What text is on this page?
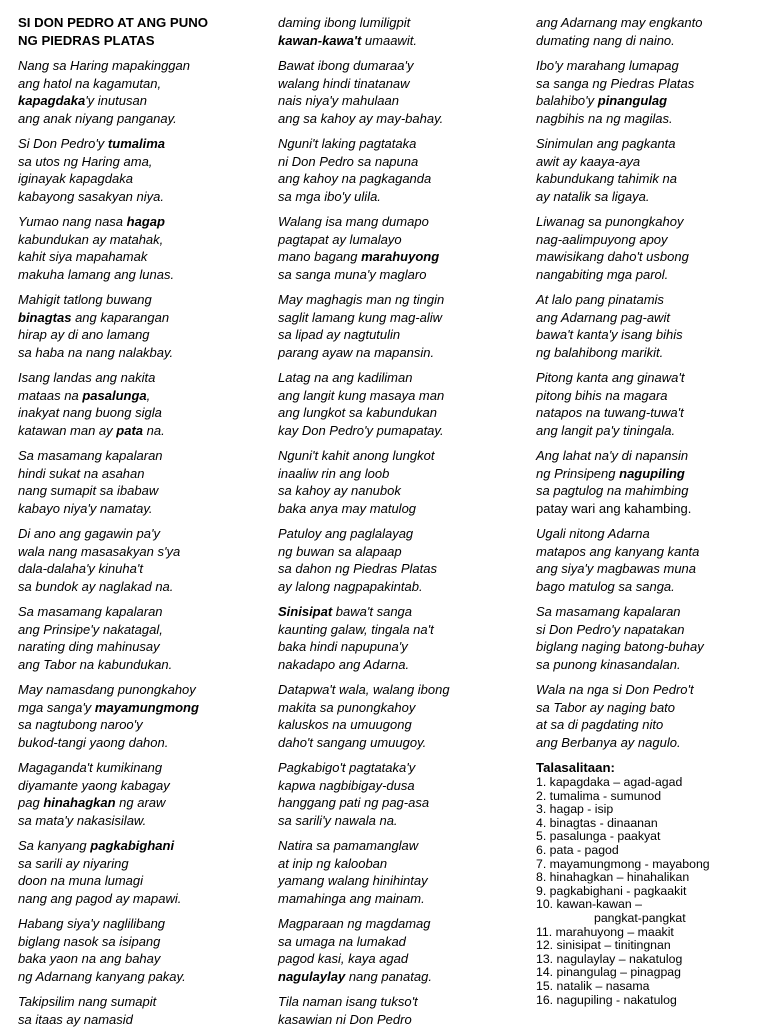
SI DON PEDRO AT ANG PUNO
NG PIEDRAS PLATAS
Nang sa Haring mapakinggan
ang hatol na kagamutan,
kapagdaka'y inutusan
ang anak niyang panganay.
Si Don Pedro'y tumalima
sa utos ng Haring ama,
iginayak kapagdaka
kabayong sasakyan niya.
Yumao nang nasa hagap
kabundukan ay matahak,
kahit siya mapahamak
makuha lamang ang lunas.
Mahigit tatlong buwang
binagtas ang kaparangan
hirap ay di ano lamang
sa haba na nang nalakbay.
Isang landas ang nakita
mataas na pasalunga,
inakyat nang buong sigla
katawan man ay pata na.
Sa masamang kapalaran
hindi sukat na asahan
nang sumapit sa ibabaw
kabayo niya'y namatay.
Di ano ang gagawin pa'y
wala nang masasakyan s'ya
dala-dalaha'y kinuha't
sa bundok ay naglakad na.
Sa masamang kapalaran
ang Prinsipe'y nakatagal,
narating ding mahinusay
ang Tabor na kabundukan.
May namasdang punongkahoy
mga sanga'y mayamungmong
sa nagtubong naroo'y
bukod-tangi yaong dahon.
Magaganda't kumikinang
diyamante yaong kabagay
pag hinahagkan ng araw
sa mata'y nakasisilaw.
Sa kanyang pagkabighani
sa sarili ay niyaring
doon na muna lumagi
nang ang pagod ay mapawi.
Habang siya'y naglilibang
biglang nasok sa isipang
baka yaon na ang bahay
ng Adarnang kanyang pakay.
Takipsilim nang sumapit
sa itaas ay namasid
daming ibong lumiligpit
kawan-kawa't umaawit.
Bawat ibong dumaraa'y
walang hindi tinatanaw
nais niya'y mahulaan
ang sa kahoy ay may-bahay.
Nguni't laking pagtataka
ni Don Pedro sa napuna
ang kahoy na pagkaganda
sa mga ibo'y ulila.
Walang isa mang dumapo
pagtapat ay lumalayo
mano bagang marahuyong
sa sanga muna'y maglaro
May maghagis man ng tingin
saglit lamang kung mag-aliw
sa lipad ay nagtutulin
parang ayaw na mapansin.
Latag na ang kadiliman
ang langit kung masaya man
ang lungkot sa kabundukan
kay Don Pedro'y pumapatay.
Nguni't kahit anong lungkot
inaaliw rin ang loob
sa kahoy ay nanubok
baka anya may matulog
Patuloy ang paglalayag
ng buwan sa alapaap
sa dahon ng Piedras Platas
ay lalong nagpapakintab.
Sinisipat bawa't sanga
kaunting galaw, tingala na't
baka hindi napupuna'y
nakadapo ang Adarna.
Datapwa't wala, walang ibong
makita sa punongkahoy
kaluskos na umuugong
daho't sangang umuugoy.
Pagkabigo't pagtataka'y
kapwa nagbibigay-dusa
hanggang pati ng pag-asa
sa sarili'y nawala na.
Natira sa pamamanglaw
at inip ng kalooban
yamang walang hinihintay
mamahinga ang mainam.
Magparaan ng magdamag
sa umaga na lumakad
pagod kasi, kaya agad
nagulaylay nang panatag.
Tila naman isang tukso't
kasawian ni Don Pedro
ang Adarnang may engkanto
dumating nang di naino.
Ibo'y marahang lumapag
sa sanga ng Piedras Platas
balahibo'y pinangulag
nagbihis na ng magilas.
Sinimulan ang pagkanta
awit ay kaaya-aya
kabundukang tahimik na
ay natalik sa ligaya.
Liwanag sa punongkahoy
nag-aalimpuyong apoy
mawisikang daho't usbong
nangabiting mga parol.
At lalo pang pinatamis
ang Adarnang pag-awit
bawa't kanta'y isang bihis
ng balahibong marikit.
Pitong kanta ang ginawa't
pitong bihis na magara
natapos na tuwang-tuwa't
ang langit pa'y tiningala.
Ang lahat na'y di napansin
ng Prinsipeng nagupiling
sa pagtulog na mahimbing
patay wari ang kahambing.
Ugali nitong Adarna
matapos ang kanyang kanta
ang siya'y magbawas muna
bago matulog sa sanga.
Sa masamang kapalaran
si Don Pedro'y napatakan
biglang naging batong-buhay
sa punong kinasandalan.
Wala na nga si Don Pedro't
sa Tabor ay naging bato
at sa di pagdating nito
ang Berbanya ay nagulo.
Talasalitaan:
1. kapagdaka – agad-agad
2. tumalima - sumunod
3. hagap - isip
4. binagtas - dinaanan
5. pasalunga - paakyat
6. pata - pagod
7. mayamungmong - mayabong
8. hinahagkan – hinahalikan
9. pagkabighani - pagkaakit
10. kawan-kawan –
pangkat-pangkat
11. marahuyong – maakit
12. sinisipat – tinitingnan
13. nagulaylay – nakatulog
14. pinangulag – pinagpag
15. natalik – nasama
16. nagupiling - nakatulog
